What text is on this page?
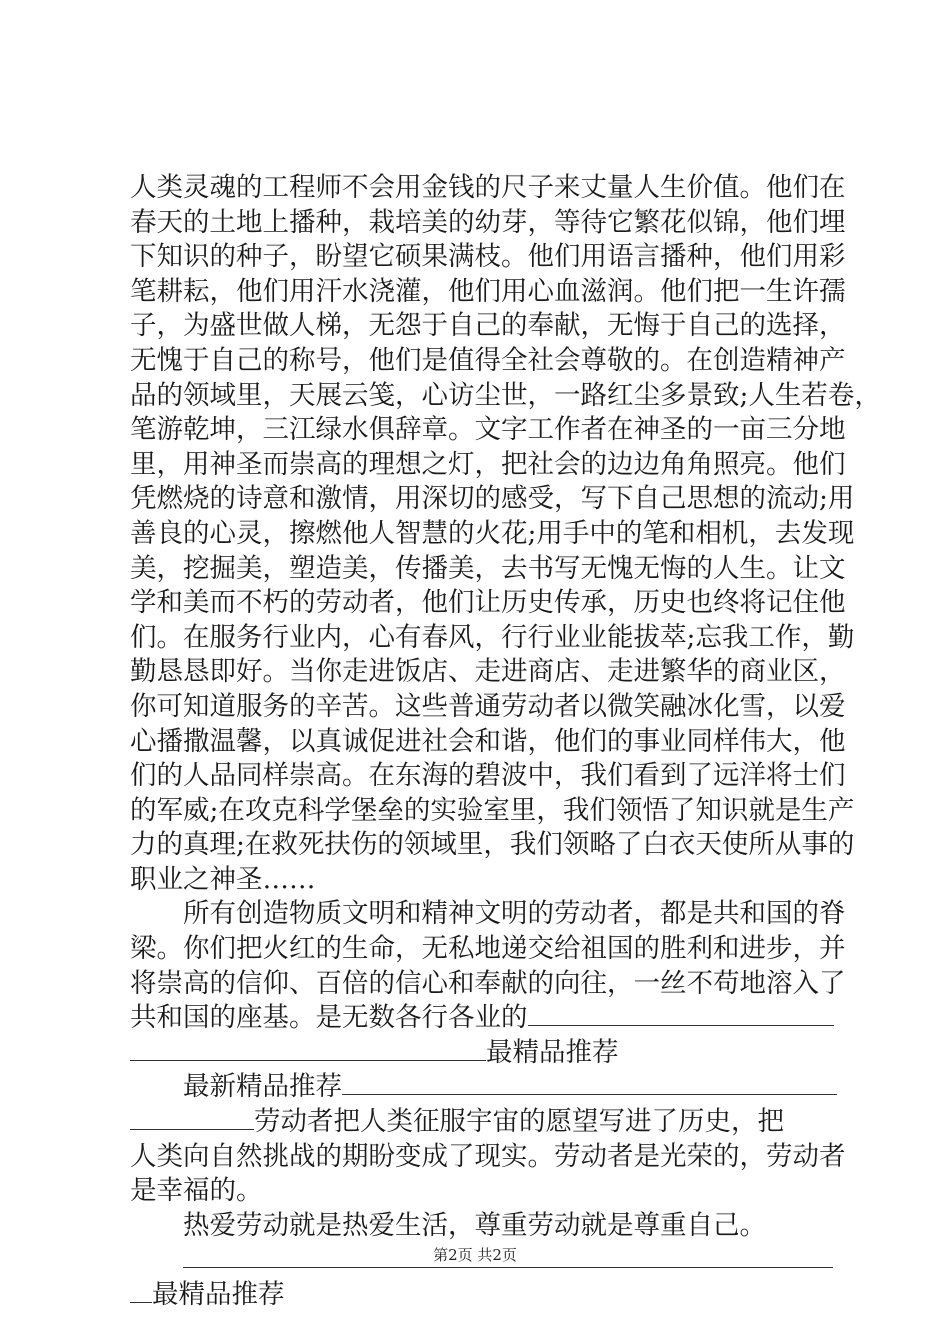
人类灵魂的工程师不会用金钱的尺子来丈量人生价值。他们在
春天的土地上播种，栽培美的幼芽，等待它繁花似锦，他们埋
下知识的种子，盼望它硕果满枝。他们用语言播种，他们用彩
笔耕耘，他们用汗水浇灌，他们用心血滋润。他们把一生许孺
子，为盛世做人梯，无怨于自己的奉献，无悔于自己的选择，
无愧于自己的称号，他们是值得全社会尊敬的。在创造精神产
品的领域里，天展云笺，心访尘世，一路红尘多景致;人生若卷，
笔游乾坤，三江绿水俱辞章。文字工作者在神圣的一亩三分地
里，用神圣而崇高的理想之灯，把社会的边边角角照亮。他们
凭燃烧的诗意和激情，用深切的感受，写下自己思想的流动;用
善良的心灵，擦燃他人智慧的火花;用手中的笔和相机，去发现
美，挖掘美，塑造美，传播美，去书写无愧无悔的人生。让文
学和美而不朽的劳动者，他们让历史传承，历史也终将记住他
们。在服务行业内，心有春风，行行业业能拔萃;忘我工作，勤
勤恳恳即好。当你走进饭店、走进商店、走进繁华的商业区，
你可知道服务的辛苦。这些普通劳动者以微笑融冰化雪，以爱
心播撒温馨，以真诚促进社会和谐，他们的事业同样伟大，他
们的人品同样崇高。在东海的碧波中，我们看到了远洋将士们
的军威;在攻克科学堡垒的实验室里，我们领悟了知识就是生产
力的真理;在救死扶伤的领域里，我们领略了白衣天使所从事的
职业之神圣……
所有创造物质文明和精神文明的劳动者，都是共和国的脊
梁。你们把火红的生命，无私地递交给祖国的胜利和进步，并
将崇高的信仰、百倍的信心和奉献的向往，一丝不苟地溶入了
共和国的座基。是无数各行各业的
最精品推荐
最新精品推荐
劳动者把人类征服宇宙的愿望写进了历史，把
人类向自然挑战的期盼变成了现实。劳动者是光荣的，劳动者
是幸福的。
热爱劳动就是热爱生活，尊重劳动就是尊重自己。
最精品推荐
第2页 共2页
